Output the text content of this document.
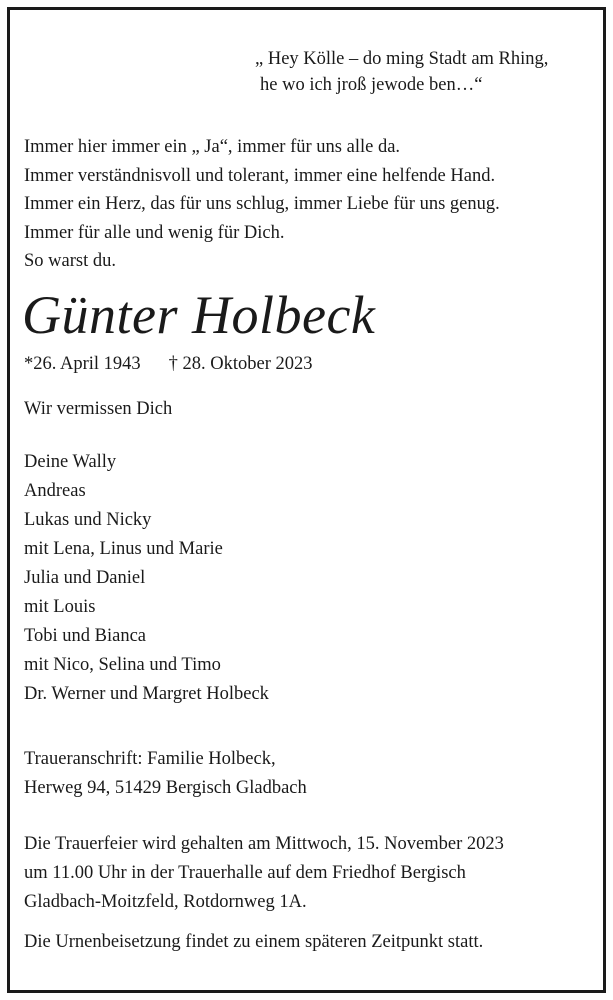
„ Hey Kölle – do ming Stadt am Rhing,
he wo ich jroß jewode ben…“
Immer hier immer ein „ Ja“, immer für uns alle da.
Immer verständnisvoll und tolerant, immer eine helfende Hand.
Immer ein Herz, das für uns schlug, immer Liebe für uns genug.
Immer für alle und wenig für Dich.
So warst du.
Günter Holbeck
*26. April 1943 † 28. Oktober 2023
Wir vermissen Dich
Deine Wally
Andreas
Lukas und Nicky
mit Lena, Linus und Marie
Julia und Daniel
mit Louis
Tobi und Bianca
mit Nico, Selina und Timo
Dr. Werner und Margret Holbeck
Traueranschrift: Familie Holbeck,
Herweg 94, 51429 Bergisch Gladbach
Die Trauerfeier wird gehalten am Mittwoch, 15. November 2023
um 11.00 Uhr in der Trauerhalle auf dem Friedhof Bergisch
Gladbach-Moitzfeld, Rotdornweg 1A.
Die Urnenbeisetzung findet zu einem späteren Zeitpunkt statt.
